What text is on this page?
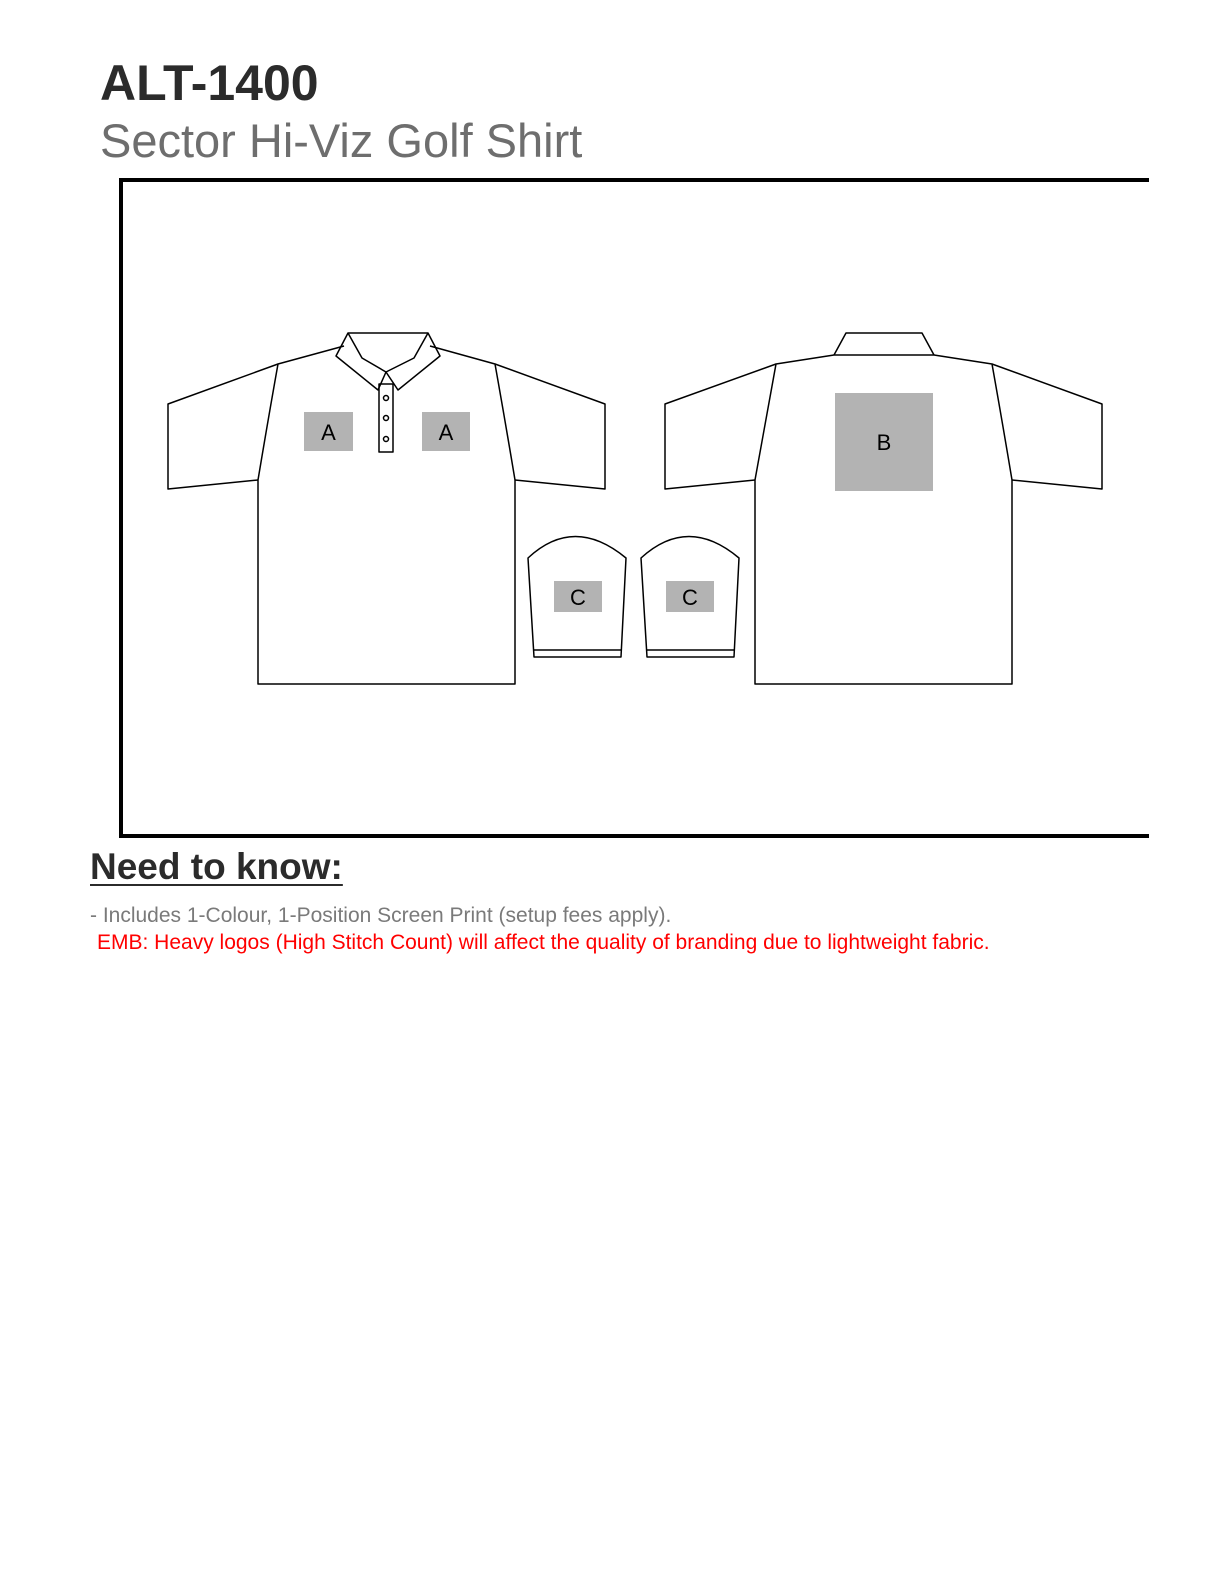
ALT-1400
Sector Hi-Viz Golf Shirt
A	A	B
C	C
Need to know:

- Includes 1-Colour, 1-Position Screen Print (setup fees apply).

EMB: Heavy logos (High Stitch Count) will affect the quality of branding due to lightweight fabric.
